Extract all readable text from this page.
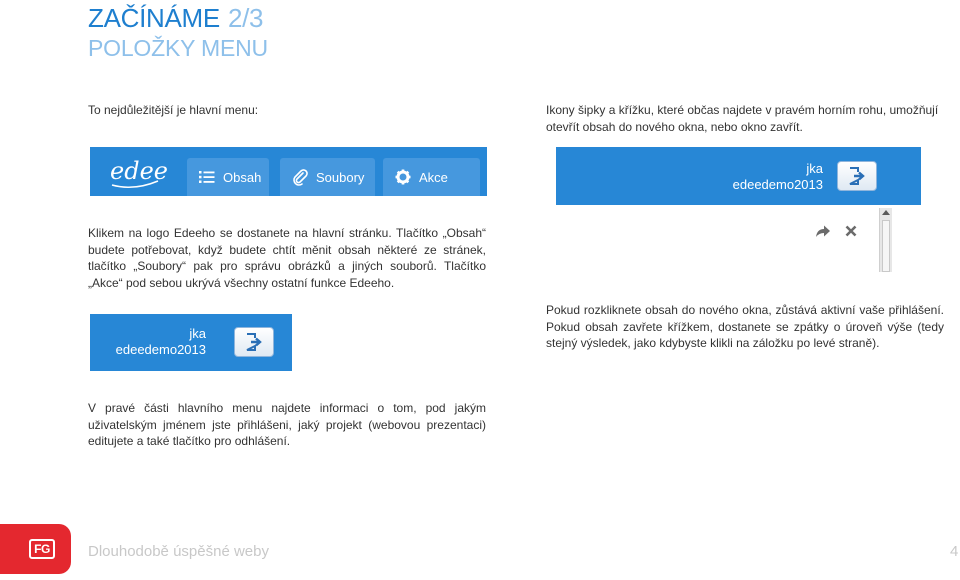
ZAČÍNÁME 2/3
POLOŽKY MENU
To nejdůležitější je hlavní menu:
edee	Obsah	Soubory	Akce
Klikem na logo Edeeho se dostanete na hlavní stránku. Tlačítko „Obsah“ budete potřebovat, když budete chtít měnit obsah některé ze stránek, tlačítko „Soubory“ pak pro správu obrázků a jiných souborů. Tlačítko „Akce“ pod sebou ukrývá všechny ostatní funkce Edeeho.
jka
edeedemo2013
V pravé části hlavního menu najdete informaci o tom, pod jakým uživatelským jménem jste přihlášeni, jaký projekt (webovou prezentaci) editujete a také tlačítko pro odhlášení.
Ikony šipky a křížku, které občas najdete v pravém horním rohu, umožňují otevřít obsah do nového okna, nebo okno zavřít.
jka
edeedemo2013
Pokud rozkliknete obsah do nového okna, zůstává aktivní vaše přihlášení. Pokud obsah zavřete křížkem, dostanete se zpátky o úroveň výše (tedy stejný výsledek, jako kdybyste klikli na záložku po levé straně).
FG	Dlouhodobě úspěšné weby	4
